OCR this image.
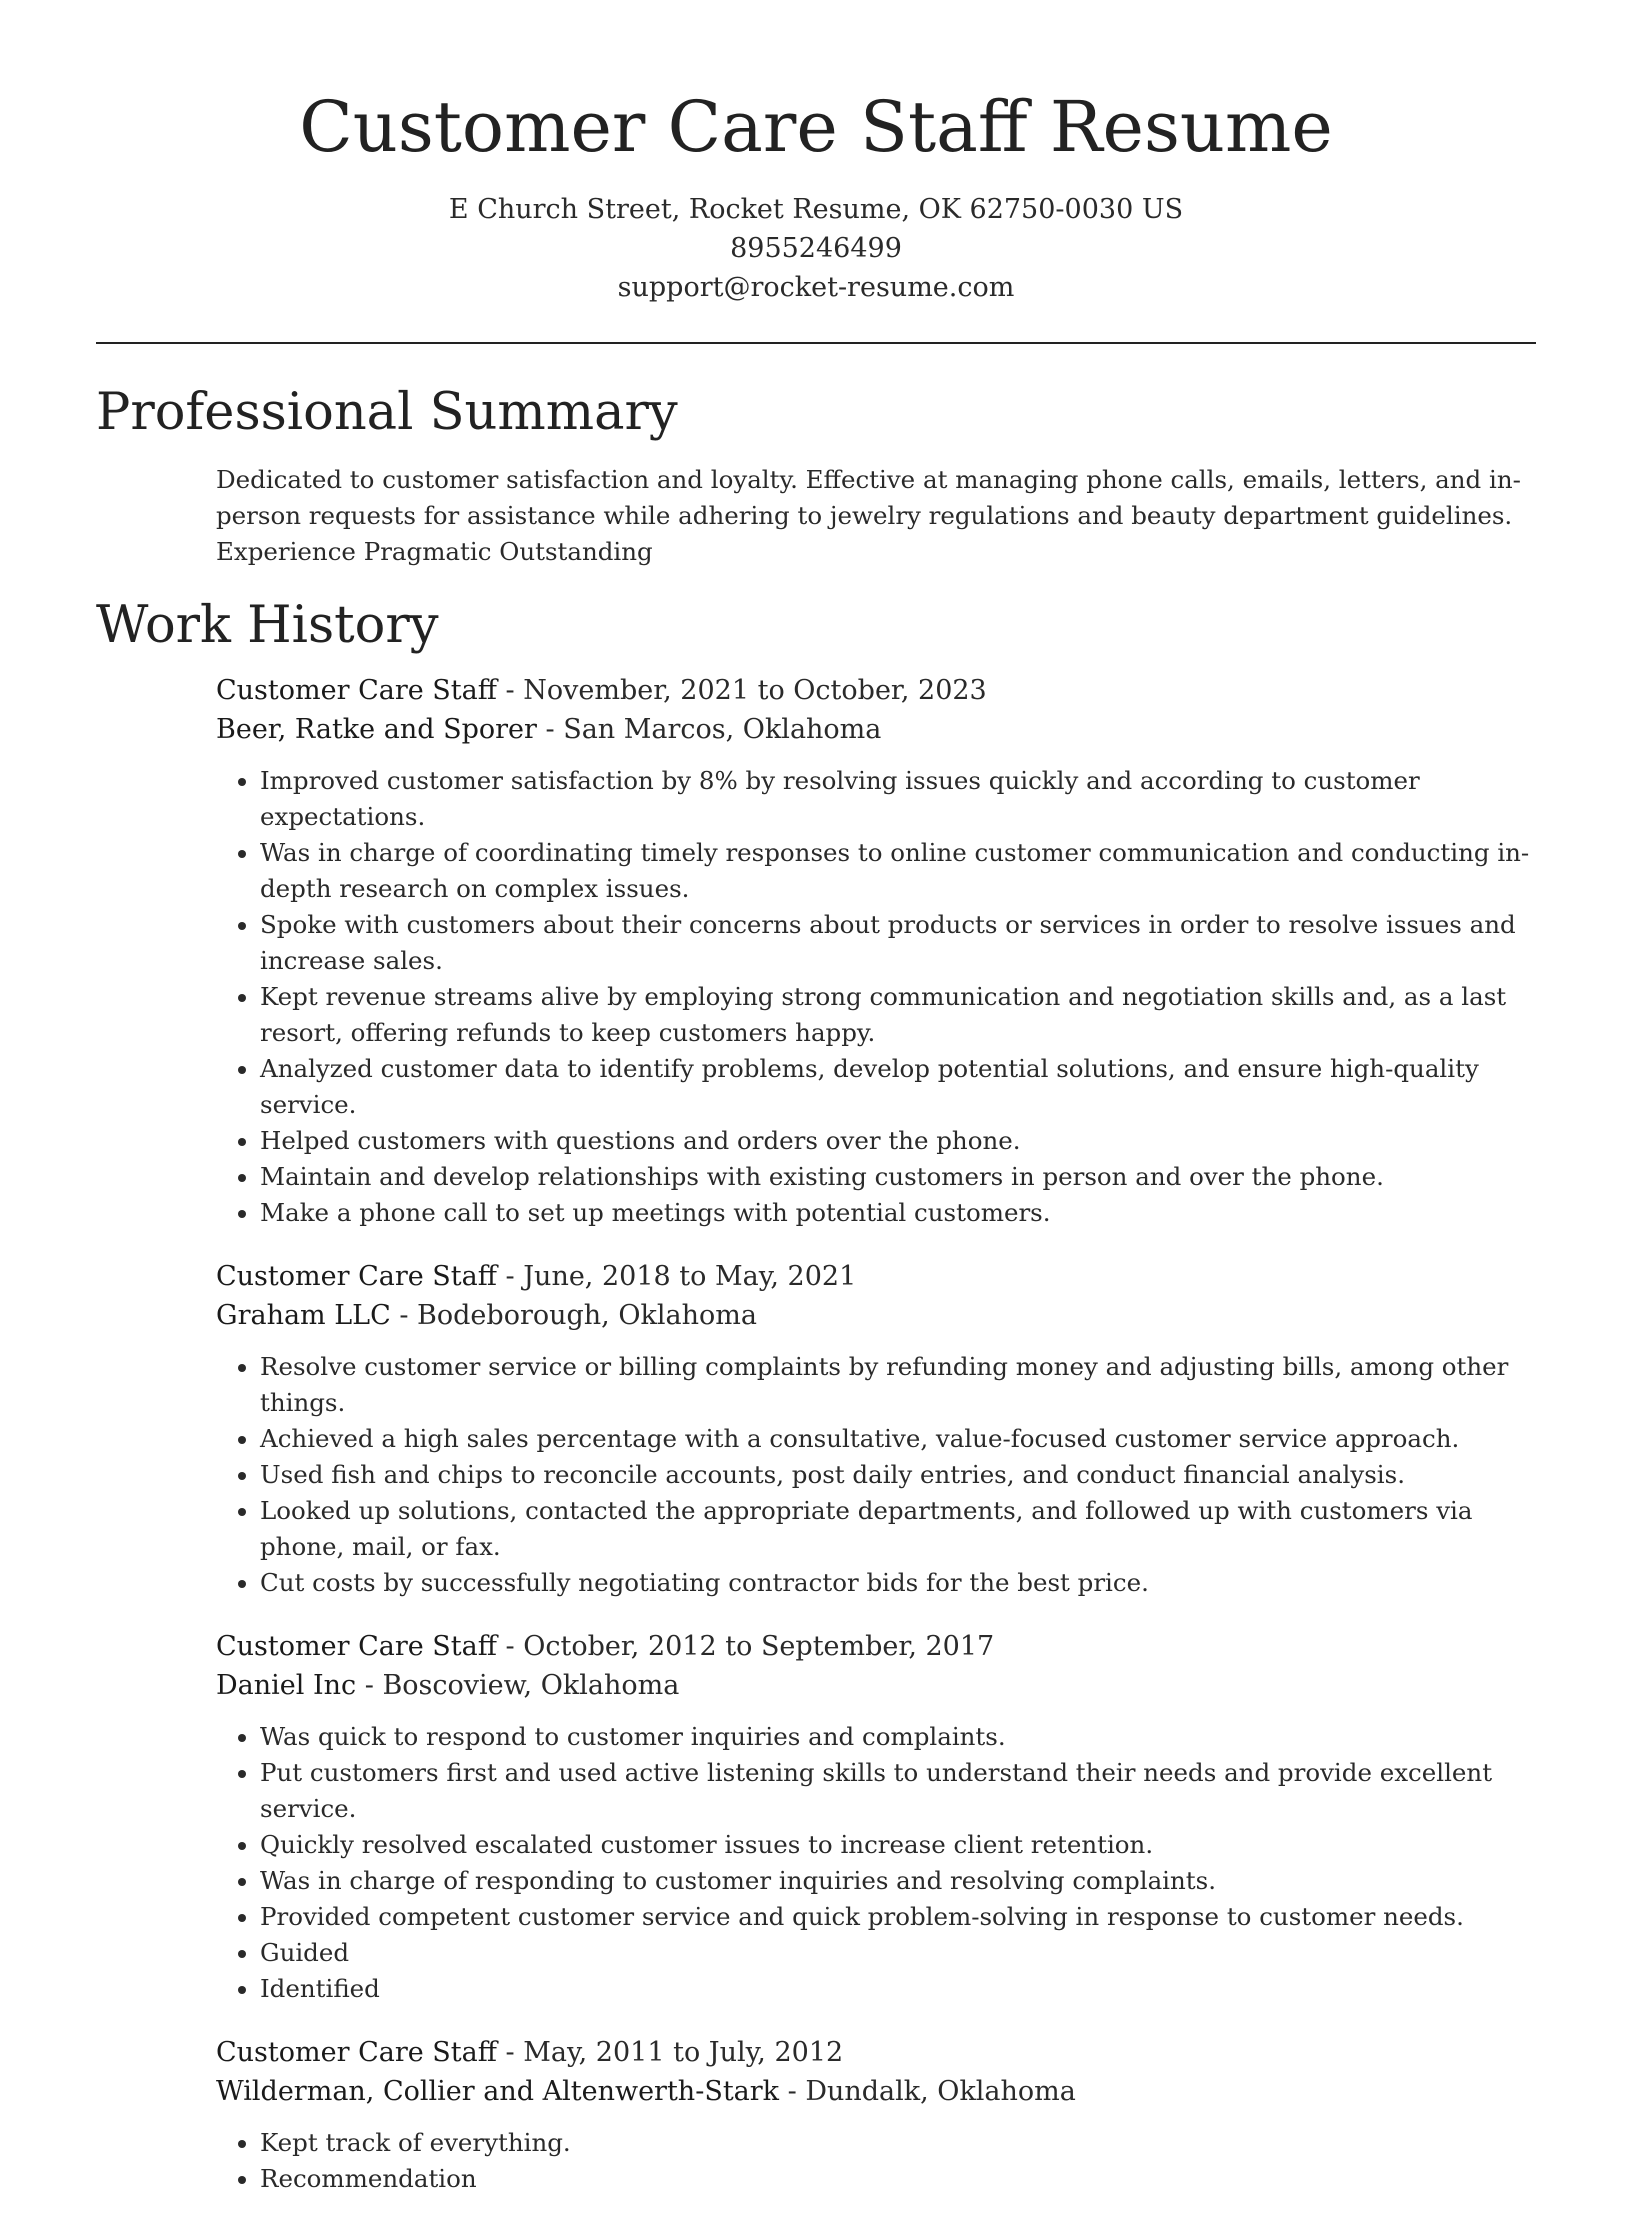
Customer Care Staff Resume
E Church Street, Rocket Resume, OK 62750-0030 US
8955246499
support@rocket-resume.com
Professional Summary

Dedicated to customer satisfaction and loyalty. Effective at managing phone calls, emails, letters, and in-person requests for assistance while adhering to jewelry regulations and beauty department guidelines. Experience Pragmatic Outstanding

Work History
Customer Care Staff - November, 2021 to October, 2023
Beer, Ratke and Sporer - San Marcos, Oklahoma
• Improved customer satisfaction by 8% by resolving issues quickly and according to customer expectations.
• Was in charge of coordinating timely responses to online customer communication and conducting in-depth research on complex issues.
• Spoke with customers about their concerns about products or services in order to resolve issues and increase sales.
• Kept revenue streams alive by employing strong communication and negotiation skills and, as a last resort, offering refunds to keep customers happy.
• Analyzed customer data to identify problems, develop potential solutions, and ensure high-quality service.
• Helped customers with questions and orders over the phone.
• Maintain and develop relationships with existing customers in person and over the phone.
• Make a phone call to set up meetings with potential customers.
Customer Care Staff - June, 2018 to May, 2021
Graham LLC - Bodeborough, Oklahoma
• Resolve customer service or billing complaints by refunding money and adjusting bills, among other things.
• Achieved a high sales percentage with a consultative, value-focused customer service approach.
• Used fish and chips to reconcile accounts, post daily entries, and conduct financial analysis.
• Looked up solutions, contacted the appropriate departments, and followed up with customers via phone, mail, or fax.
• Cut costs by successfully negotiating contractor bids for the best price.
Customer Care Staff - October, 2012 to September, 2017
Daniel Inc - Boscoview, Oklahoma
• Was quick to respond to customer inquiries and complaints.
• Put customers first and used active listening skills to understand their needs and provide excellent service.
• Quickly resolved escalated customer issues to increase client retention.
• Was in charge of responding to customer inquiries and resolving complaints.
• Provided competent customer service and quick problem-solving in response to customer needs.
• Guided
• Identified
Customer Care Staff - May, 2011 to July, 2012
Wilderman, Collier and Altenwerth-Stark - Dundalk, Oklahoma
• Kept track of everything.
• Recommendation
